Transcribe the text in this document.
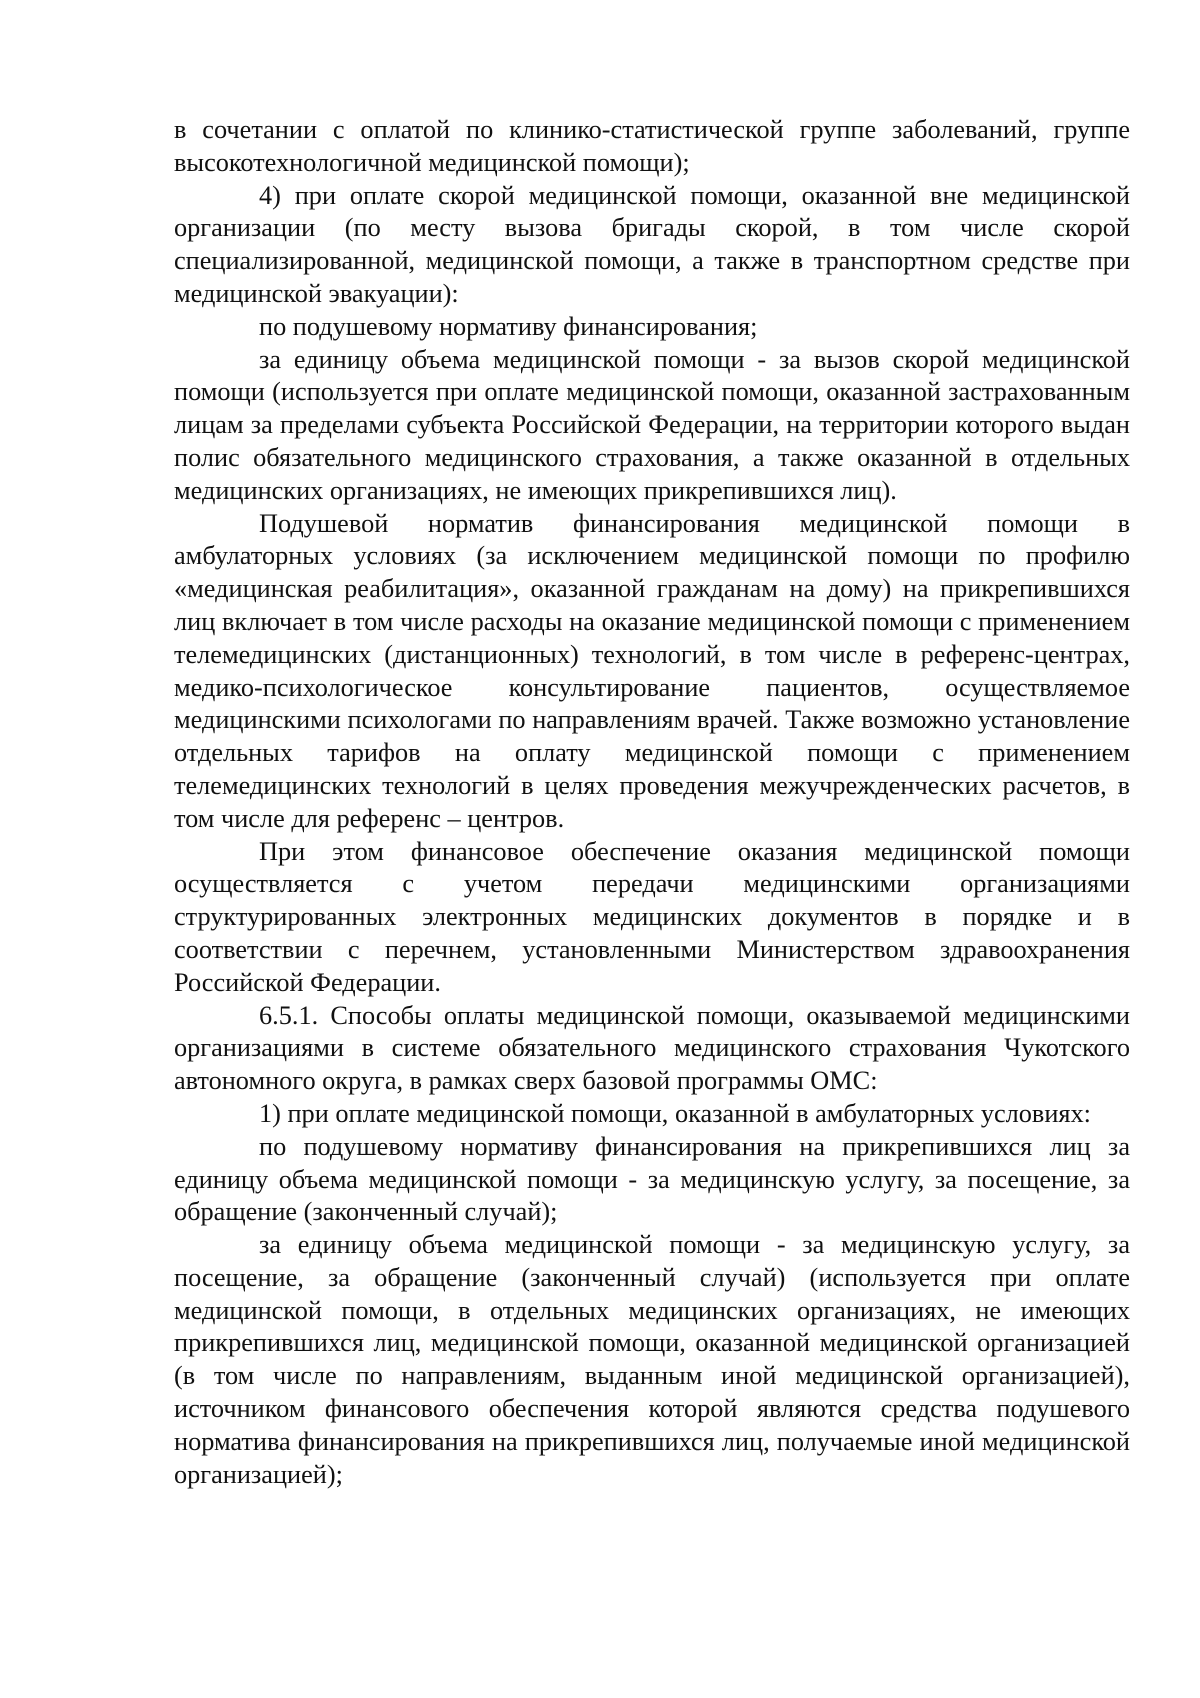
в сочетании с оплатой по клинико-статистической группе заболеваний, группе высокотехнологичной медицинской помощи);

4) при оплате скорой медицинской помощи, оказанной вне медицинской организации (по месту вызова бригады скорой, в том числе скорой специализированной, медицинской помощи, а также в транспортном средстве при медицинской эвакуации):

по подушевому нормативу финансирования;

за единицу объема медицинской помощи - за вызов скорой медицинской помощи (используется при оплате медицинской помощи, оказанной застрахованным лицам за пределами субъекта Российской Федерации, на территории которого выдан полис обязательного медицинского страхования, а также оказанной в отдельных медицинских организациях, не имеющих прикрепившихся лиц).

Подушевой норматив финансирования медицинской помощи в амбулаторных условиях (за исключением медицинской помощи по профилю «медицинская реабилитация», оказанной гражданам на дому) на прикрепившихся лиц включает в том числе расходы на оказание медицинской помощи с применением телемедицинских (дистанционных) технологий, в том числе в референс-центрах, медико-психологическое консультирование пациентов, осуществляемое медицинскими психологами по направлениям врачей. Также возможно установление отдельных тарифов на оплату медицинской помощи с применением телемедицинских технологий в целях проведения межучрежденческих расчетов, в том числе для референс – центров.

При этом финансовое обеспечение оказания медицинской помощи осуществляется с учетом передачи медицинскими организациями структурированных электронных медицинских документов в порядке и в соответствии с перечнем, установленными Министерством здравоохранения Российской Федерации.

6.5.1. Способы оплаты медицинской помощи, оказываемой медицинскими организациями в системе обязательного медицинского страхования Чукотского автономного округа, в рамках сверх базовой программы ОМС:

1) при оплате медицинской помощи, оказанной в амбулаторных условиях:

по подушевому нормативу финансирования на прикрепившихся лиц за единицу объема медицинской помощи - за медицинскую услугу, за посещение, за обращение (законченный случай);

за единицу объема медицинской помощи - за медицинскую услугу, за посещение, за обращение (законченный случай) (используется при оплате медицинской помощи, в отдельных медицинских организациях, не имеющих прикрепившихся лиц, медицинской помощи, оказанной медицинской организацией (в том числе по направлениям, выданным иной медицинской организацией), источником финансового обеспечения которой являются средства подушевого норматива финансирования на прикрепившихся лиц, получаемые иной медицинской организацией);
